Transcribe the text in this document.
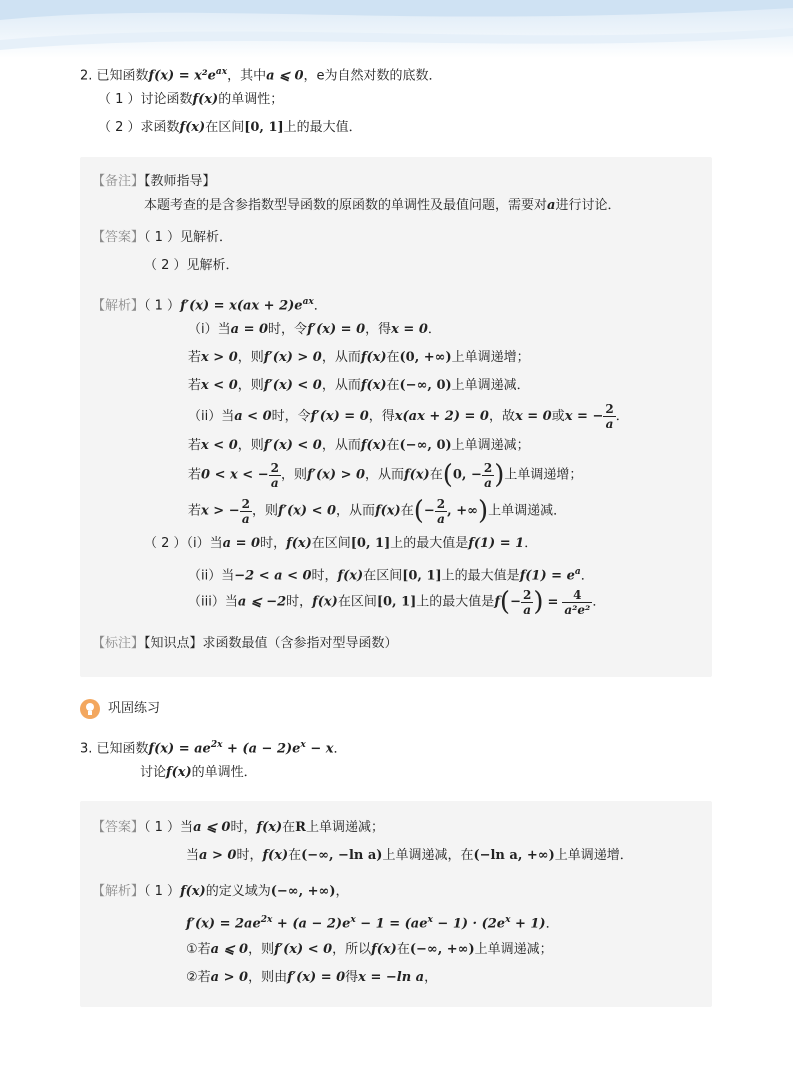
2. 已知函数$f(x) = x^2e^{ax}$，其中a ⩽ 0，e为自然对数的底数．
（ 1 ）讨论函数f(x)的单调性；
（ 2 ）求函数f(x)在区间[0, 1]上的最大值．
【备注】【教师指导】
本题考查的是含参指数型导函数的原函数的单调性及最值问题，需要对a进行讨论．
【答案】（ 1 ）见解析．
（ 2 ）见解析．
【解析】（ 1 ）$f'(x) = x(ax + 2)e^{ax}$．
（i）当a = 0时，令f′(x) = 0，得x = 0．
若x > 0，则f′(x) > 0，从而f(x)在(0, +∞)上单调递增；
若x < 0，则f′(x) < 0，从而f(x)在(−∞, 0)上单调递减．
（ii）当a < 0时，令f′(x) = 0，得x(ax + 2) = 0，故x = 0或x = − $\frac{2}{a}$ ．
若x < 0，则f′(x) < 0，从而f(x)在(−∞, 0)上单调递减；
若0 < x < − $\frac{2}{a}$ ，则f′(x) > 0，从而f(x)在(0, − $\frac{2}{a}$ )上单调递增；
若x > − $\frac{2}{a}$ ，则f′(x) < 0，从而f(x)在(− $\frac{2}{a}$ , +∞)上单调递减．
（ 2 ）（i）当a = 0时，f(x)在区间[0, 1]上的最大值是f(1) = 1．
（ii）当−2 < a < 0时，f(x)在区间[0, 1]上的最大值是$f(1) = e^a$．
（iii）当a ⩽ −2时，f(x)在区间[0, 1]上的最大值是$f(- \frac{2}{a}$ ) = $\frac{4}{\text{a²e²}}$ ．
【标注】【知识点】求函数最值（含参指对型导函数）
巩固练习
3. 已知函数$f(x) = ae^{2x} + (a - 2)e^x - x$．
讨论f(x)的单调性．
【答案】（ 1 ）当a ⩽ 0时，f(x)在R上单调递减；
当a > 0时，f(x)在(−∞, −ln a)上单调递减，在(−ln a, +∞)上单调递增．
【解析】（ 1 ）f(x)的定义域为(−∞, +∞)，
$f'(x) = 2ae^{2x} + (a - 2)e^x - 1 = (ae^x - 1) \cdot (2e^x + 1)$．
①若a ⩽ 0，则f′(x) < 0，所以f(x)在(−∞, +∞)上单调递减；
②若a > 0，则由f′(x) = 0得x = −ln a，
